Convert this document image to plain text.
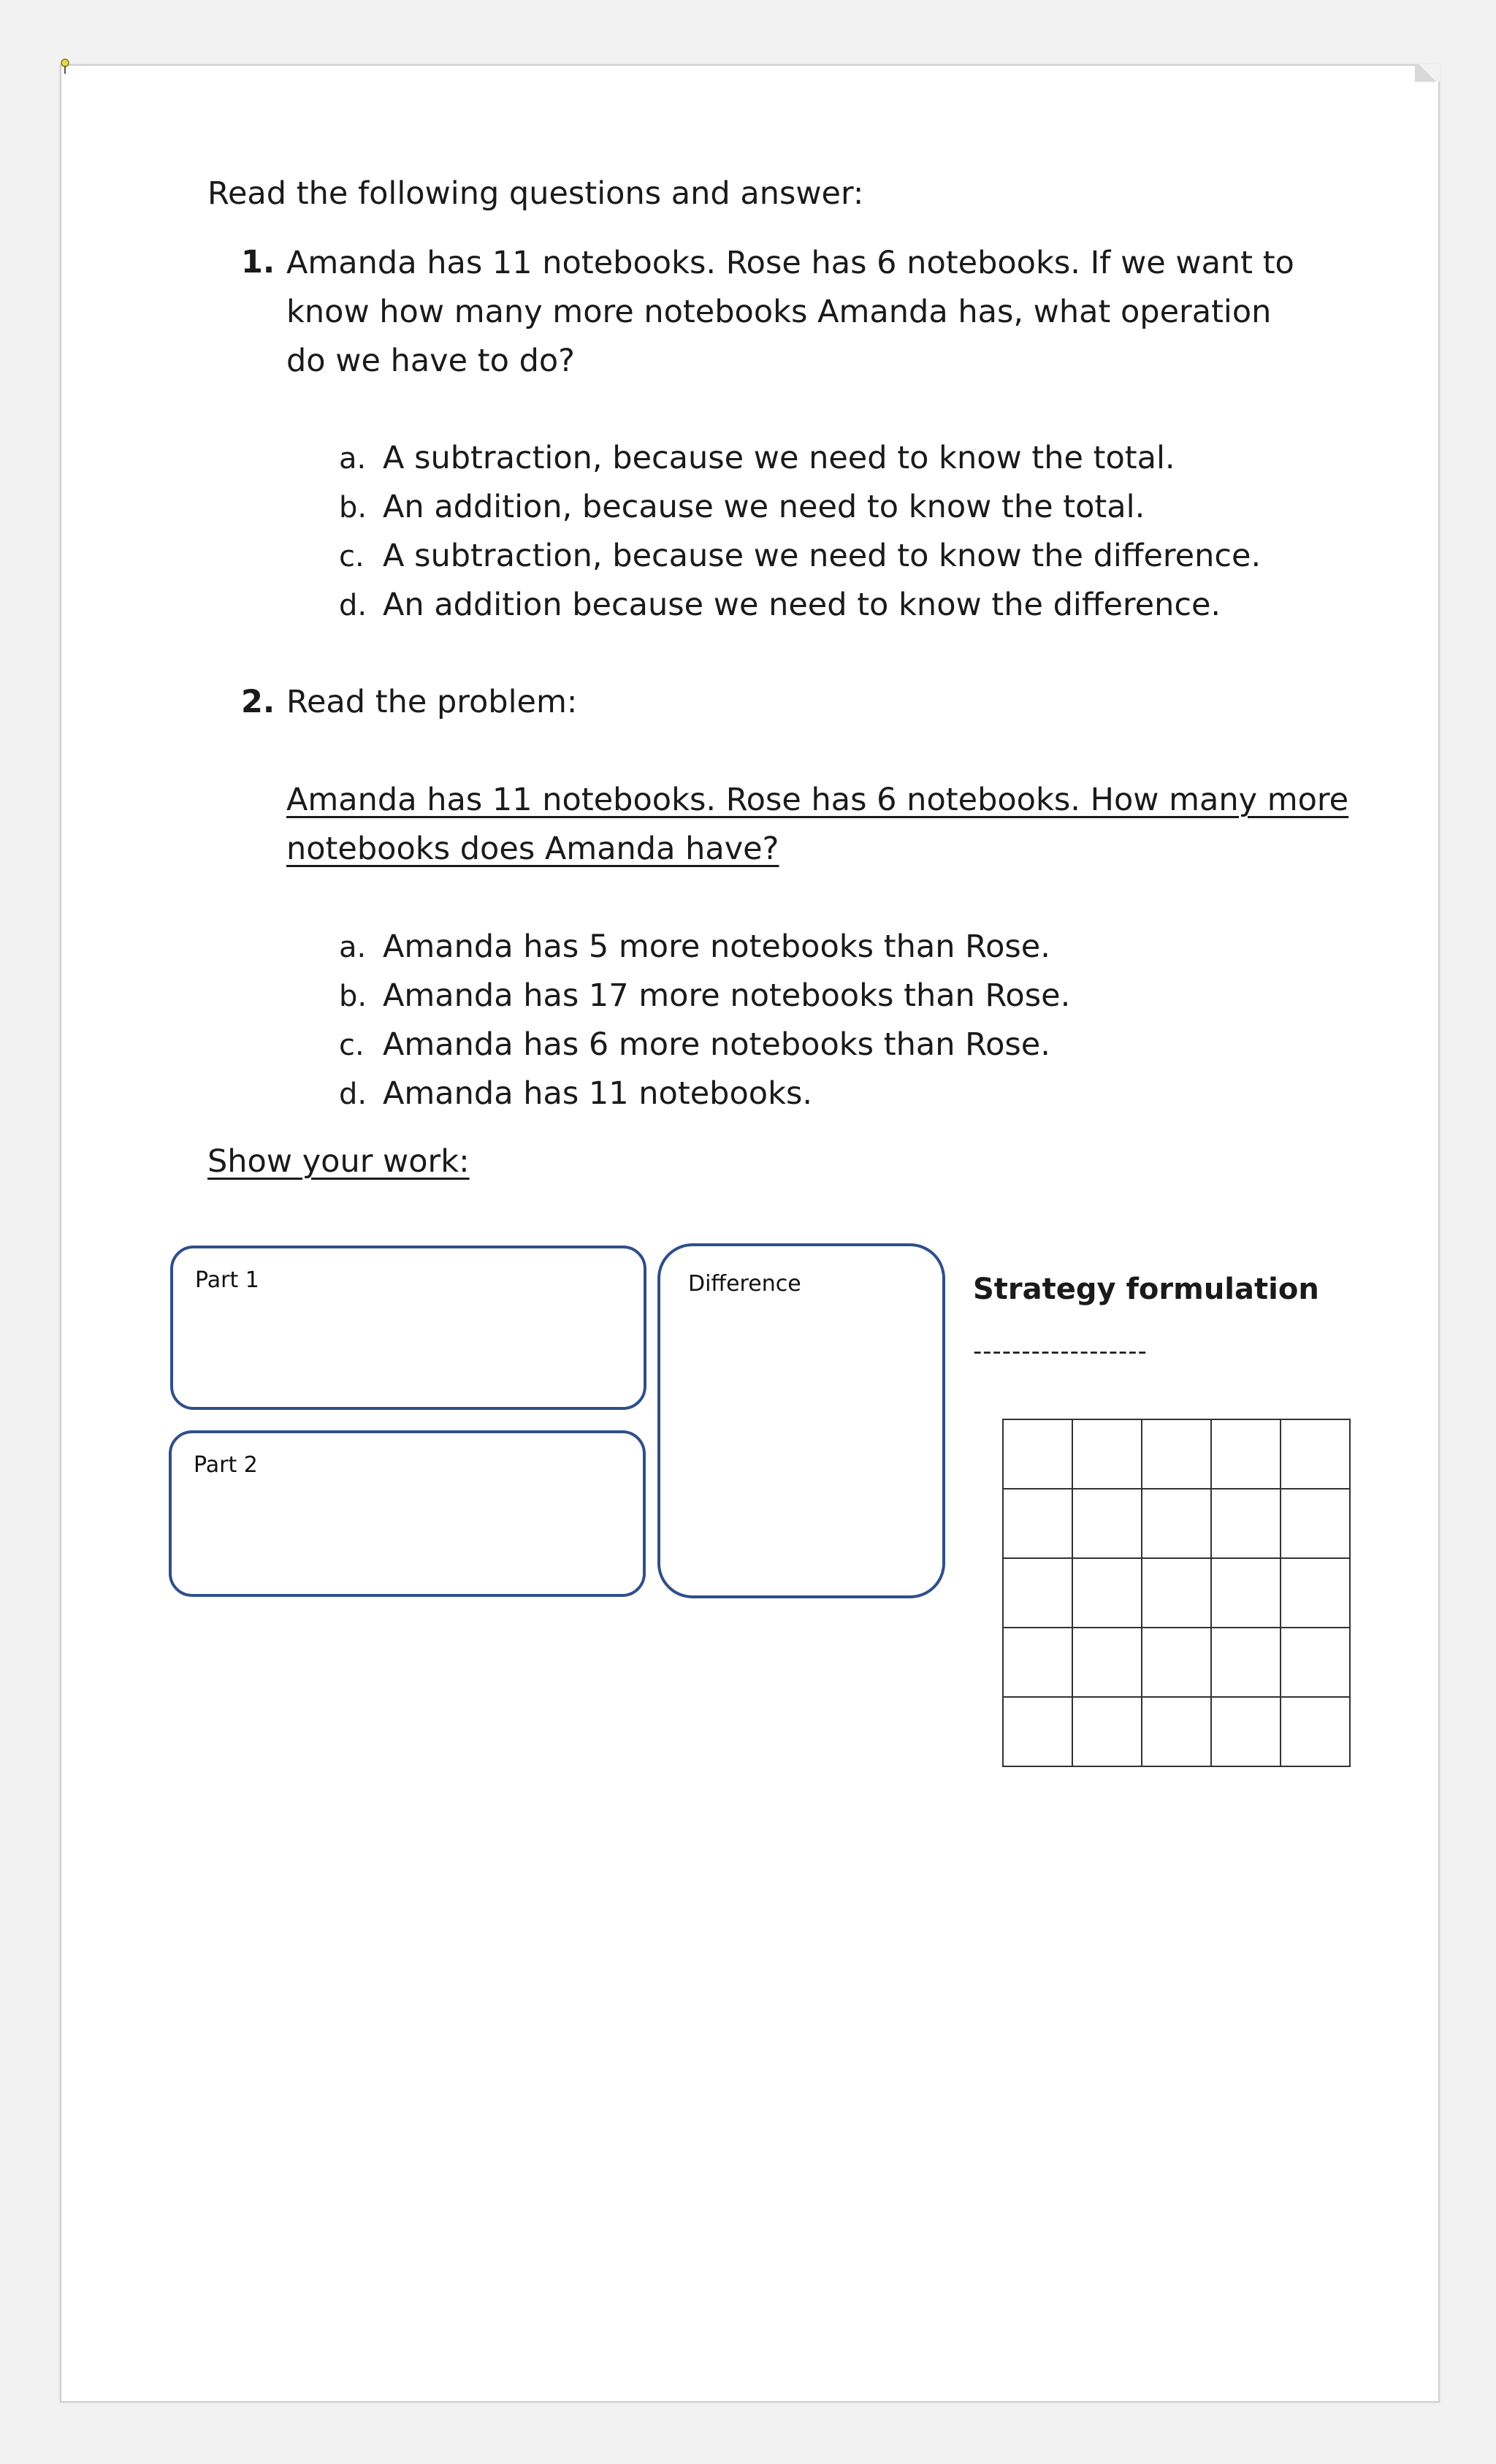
Read the following questions and answer:

1. Amanda has 11 notebooks. Rose has 6 notebooks. If we want to know how many more notebooks Amanda has, what operation do we have to do?

a. A subtraction, because we need to know the total.

b. An addition, because we need to know the total.

c. A subtraction, because we need to know the difference.

d. An addition because we need to know the difference.

2. Read the problem:

Amanda has 11 notebooks. Rose has 6 notebooks. How many more

notebooks does Amanda have?

a. Amanda has 5 more notebooks than Rose.

b. Amanda has 17 more notebooks than Rose.

c. Amanda has 6 more notebooks than Rose.

d. Amanda has 11 notebooks.

Show your work:

Part 1
Part 2
Difference	Strategy formulation

------------------
